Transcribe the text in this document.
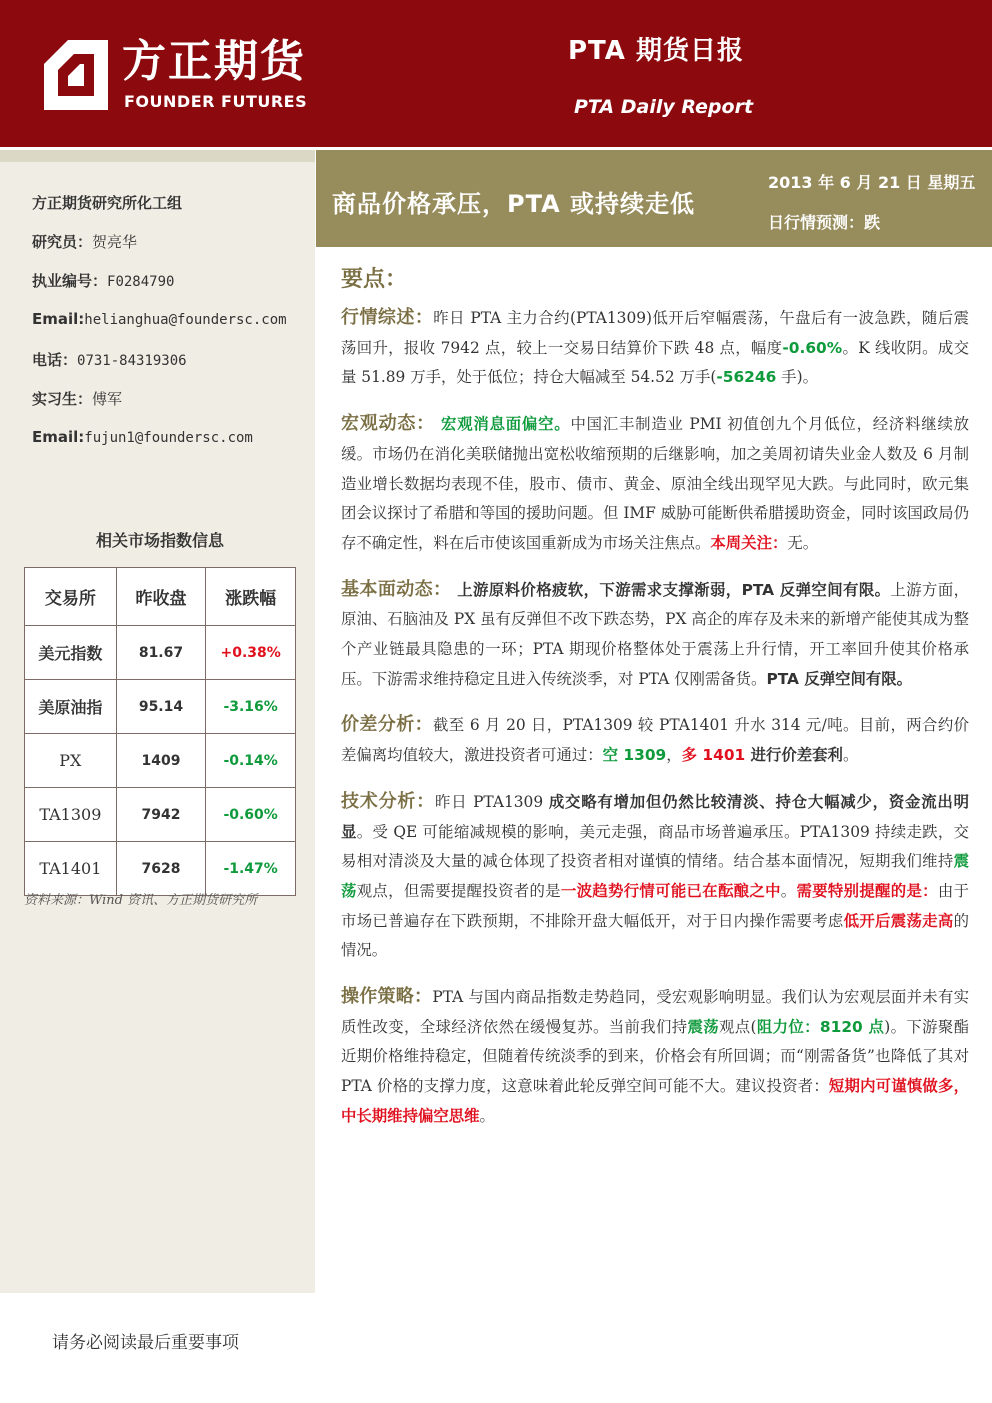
方正期货
FOUNDER FUTURES
PTA 期货日报
PTA Daily Report
方正期货研究所化工组
研究员：贺亮华
执业编号：F0284790
Email:helianghua@foundersc.com
电话：0731-84319306
实习生：傅军
Email:fujun1@foundersc.com
相关市场指数信息
交易所	昨收盘	涨跌幅
美元指数	81.67	+0.38%
美原油指	95.14	-3.16%
PX	1409	-0.14%
TA1309	7942	-0.60%
TA1401	7628	-1.47%
资料来源：Wind 资讯、方正期货研究所
商品价格承压，PTA 或持续走低
2013 年 6 月 21 日 星期五
日行情预测：跌
要点：

行情综述：昨日 PTA 主力合约(PTA1309)低开后窄幅震荡，午盘后有一波急跌，随后震荡回升，报收 7942 点，较上一交易日结算价下跌 48 点，幅度-0.60%。K 线收阴。成交量 51.89 万手，处于低位；持仓大幅减至 54.52 万手(-56246 手)。

宏观动态： 宏观消息面偏空。中国汇丰制造业 PMI 初值创九个月低位，经济料继续放缓。市场仍在消化美联储抛出宽松收缩预期的后继影响，加之美周初请失业金人数及 6 月制造业增长数据均表现不佳，股市、债市、黄金、原油全线出现罕见大跌。与此同时，欧元集团会议探讨了希腊和等国的援助问题。但 IMF 威胁可能断供希腊援助资金，同时该国政局仍存不确定性，料在后市使该国重新成为市场关注焦点。本周关注：无。

基本面动态： 上游原料价格疲软，下游需求支撑渐弱，PTA 反弹空间有限。上游方面，原油、石脑油及 PX 虽有反弹但不改下跌态势，PX 高企的库存及未来的新增产能使其成为整个产业链最具隐患的一环；PTA 期现价格整体处于震荡上升行情，开工率回升使其价格承压。下游需求维持稳定且进入传统淡季，对 PTA 仅刚需备货。PTA 反弹空间有限。

价差分析：截至 6 月 20 日，PTA1309 较 PTA1401 升水 314 元/吨。目前，两合约价差偏离均值较大，激进投资者可通过：空 1309，多 1401 进行价差套利。

技术分析：昨日 PTA1309 成交略有增加但仍然比较清淡、持仓大幅减少，资金流出明显。受 QE 可能缩减规模的影响，美元走强，商品市场普遍承压。PTA1309 持续走跌，交易相对清淡及大量的减仓体现了投资者相对谨慎的情绪。结合基本面情况，短期我们维持震荡观点，但需要提醒投资者的是一波趋势行情可能已在酝酿之中。需要特别提醒的是：由于市场已普遍存在下跌预期，不排除开盘大幅低开，对于日内操作需要考虑低开后震荡走高的情况。

操作策略：PTA 与国内商品指数走势趋同，受宏观影响明显。我们认为宏观层面并未有实质性改变，全球经济依然在缓慢复苏。当前我们持震荡观点(阻力位：8120 点)。下游聚酯近期价格维持稳定，但随着传统淡季的到来，价格会有所回调；而“刚需备货”也降低了其对 PTA 价格的支撑力度，这意味着此轮反弹空间可能不大。建议投资者：短期内可谨慎做多，中长期维持偏空思维。

请务必阅读最后重要事项
